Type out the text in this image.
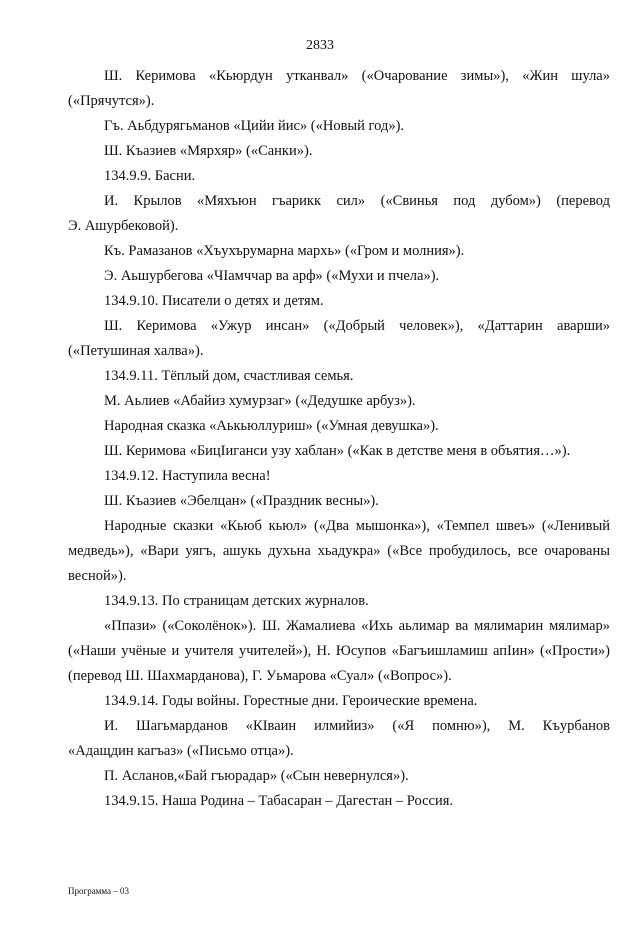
2833
Ш. Керимова «Кьюрдун утканвал» («Очарование зимы»), «Жин шула»
(«Прячутся»).
Гъ. Аьбдурягьманов «Цийи йис» («Новый год»).
Ш. Къазиев «Мярхяр» («Санки»).
134.9.9. Басни.
И. Крылов «Мяхъюн гъарикк сил» («Свинья под дубом») (перевод
Э. Ашурбековой).
Къ. Рамазанов «Хъухърумарна мархь» («Гром и молния»).
Э. Аьшурбегова «ЧIамччар ва арф» («Мухи и пчела»).
134.9.10. Писатели о детях и детям.
Ш. Керимова «Ужур инсан» («Добрый человек»), «Даттарин аварши»
(«Петушиная халва»).
134.9.11. Тёплый дом, счастливая семья.
М. Аьлиев «Абайиз хумурзаг» («Дедушке арбуз»).
Народная сказка «Аькьюллуриш» («Умная девушка»).
Ш. Керимова «БицIиганси узу хаблан» («Как в детстве меня в объятия…»).
134.9.12. Наступила весна!
Ш. Къазиев «Эбелцан» («Праздник весны»).
Народные сказки «Кьюб кьюл» («Два мышонка»), «Темпел швеъ» («Ленивый
медведь»), «Вари уягъ, ашукь духьна хьадукра» («Все пробудилось, все очарованы
весной»).
134.9.13. По страницам детских журналов.
«Ппази» («Соколёнок»). Ш. Жамалиева «Ихь аьлимар ва мялимарин мялимар»
(«Наши учёные и учителя учителей»), Н. Юсупов «Багъишламиш апIин» («Прости»)
(перевод Ш. Шахмарданова), Г. Уьмарова «Суал» («Вопрос»).
134.9.14. Годы войны. Горестные дни. Героические времена.
И. Шагьмарданов «КIваин илмийиз» («Я помню»), М. Къурбанов
«Адащдин кагъаз» («Письмо отца»).
П. Асланов,«Бай гъюрадар» («Сын невернулся»).
134.9.15. Наша Родина – Табасаран – Дагестан – Россия.
Программа – 03
